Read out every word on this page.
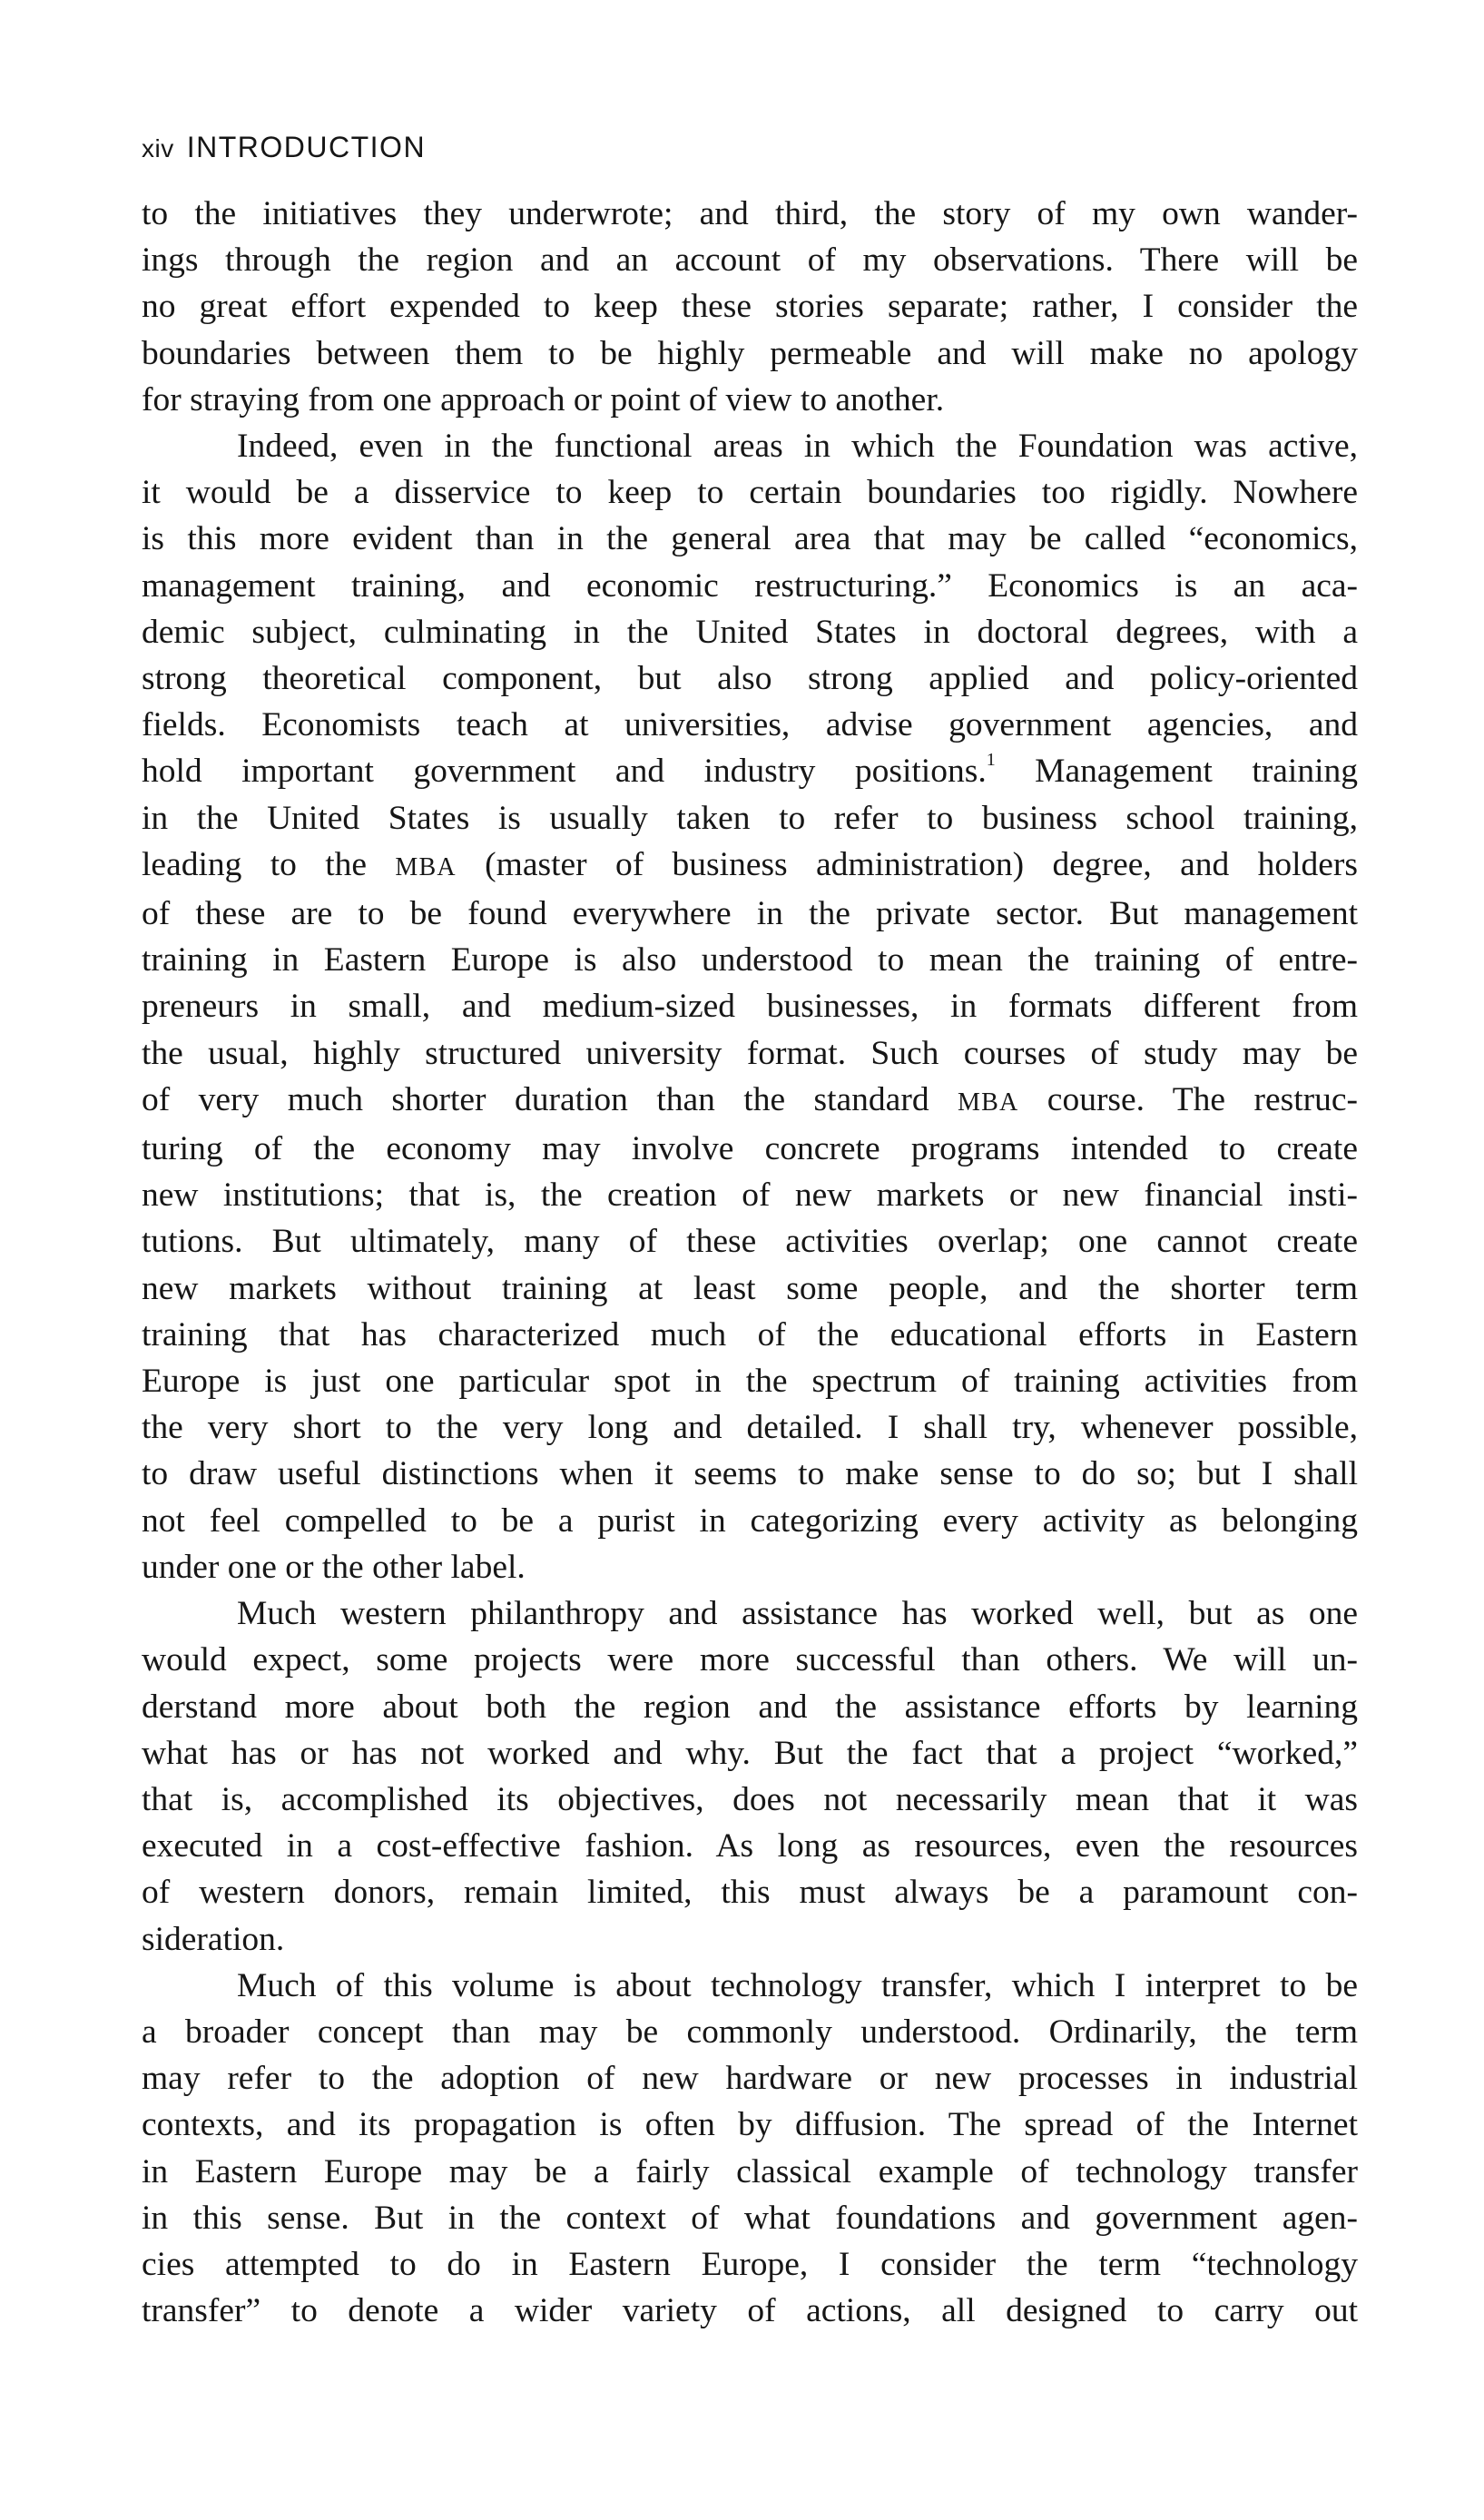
xiv INTRODUCTION

to the initiatives they underwrote; and third, the story of my own wander-
ings through the region and an account of my observations. There will be
no great effort expended to keep these stories separate; rather, I consider the
boundaries between them to be highly permeable and will make no apology
for straying from one approach or point of view to another.

Indeed, even in the functional areas in which the Foundation was active,
it would be a disservice to keep to certain boundaries too rigidly. Nowhere
is this more evident than in the general area that may be called “economics,
management training, and economic restructuring.” Economics is an aca-
demic subject, culminating in the United States in doctoral degrees, with a
strong theoretical component, but also strong applied and policy-oriented
fields. Economists teach at universities, advise government agencies, and
hold important government and industry positions.$^1$ Management training
in the United States is usually taken to refer to business school training,
leading to the MBA (master of business administration) degree, and holders
of these are to be found everywhere in the private sector. But management
training in Eastern Europe is also understood to mean the training of entre-
preneurs in small, and medium-sized businesses, in formats different from
the usual, highly structured university format. Such courses of study may be
of very much shorter duration than the standard MBA course. The restruc-
turing of the economy may involve concrete programs intended to create
new institutions; that is, the creation of new markets or new financial insti-
tutions. But ultimately, many of these activities overlap; one cannot create
new markets without training at least some people, and the shorter term
training that has characterized much of the educational efforts in Eastern
Europe is just one particular spot in the spectrum of training activities from
the very short to the very long and detailed. I shall try, whenever possible,
to draw useful distinctions when it seems to make sense to do so; but I shall
not feel compelled to be a purist in categorizing every activity as belonging
under one or the other label.

Much western philanthropy and assistance has worked well, but as one
would expect, some projects were more successful than others. We will un-
derstand more about both the region and the assistance efforts by learning
what has or has not worked and why. But the fact that a project “worked,”
that is, accomplished its objectives, does not necessarily mean that it was
executed in a cost-effective fashion. As long as resources, even the resources
of western donors, remain limited, this must always be a paramount con-
sideration.

Much of this volume is about technology transfer, which I interpret to be
a broader concept than may be commonly understood. Ordinarily, the term
may refer to the adoption of new hardware or new processes in industrial
contexts, and its propagation is often by diffusion. The spread of the Internet
in Eastern Europe may be a fairly classical example of technology transfer
in this sense. But in the context of what foundations and government agen-
cies attempted to do in Eastern Europe, I consider the term “technology
transfer” to denote a wider variety of actions, all designed to carry out
